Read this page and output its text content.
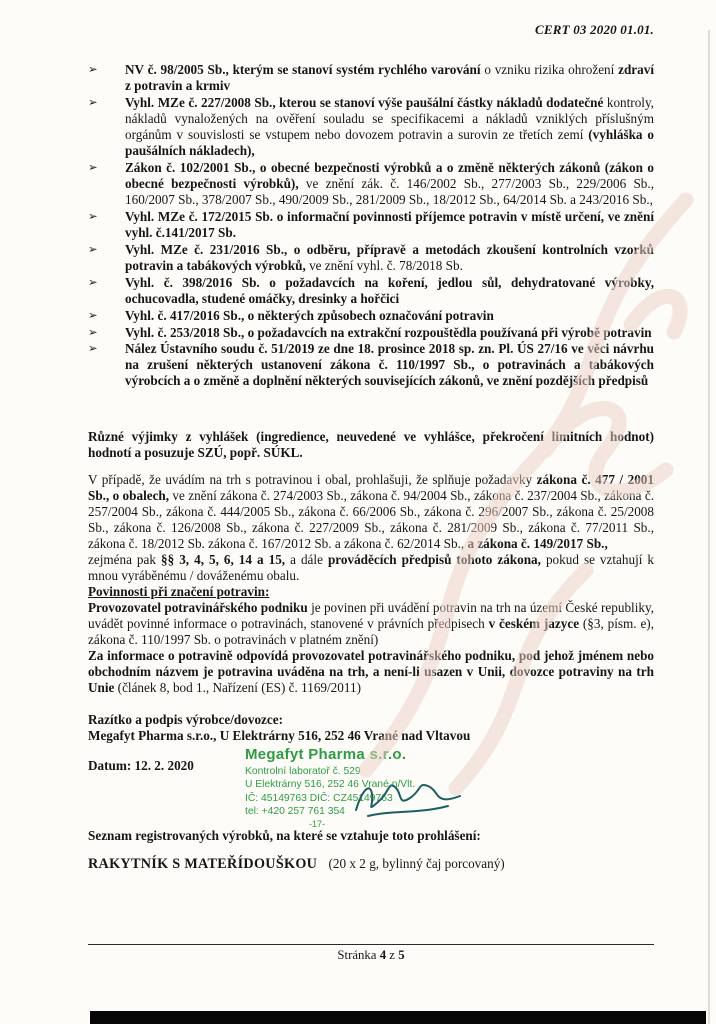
CERT 03 2020 01.01.
➢	NV č. 98/2005 Sb., kterým se stanoví systém rychlého varování o vzniku rizika ohrožení zdraví z potravin a krmiv
➢	Vyhl. MZe č. 227/2008 Sb., kterou se stanoví výše paušální částky nákladů dodatečné kontroly, nákladů vynaložených na ověření souladu se specifikacemi a nákladů vzniklých příslušným orgánům v souvislosti se vstupem nebo dovozem potravin a surovin ze třetích zemí (vyhláška o paušálních nákladech),
➢	Zákon č. 102/2001 Sb., o obecné bezpečnosti výrobků a o změně některých zákonů (zákon o obecné bezpečnosti výrobků), ve znění zák. č. 146/2002 Sb., 277/2003 Sb., 229/2006 Sb., 160/2007 Sb., 378/2007 Sb., 490/2009 Sb., 281/2009 Sb., 18/2012 Sb., 64/2014 Sb. a 243/2016 Sb.,
➢	Vyhl. MZe č. 172/2015 Sb. o informační povinnosti příjemce potravin v místě určení, ve znění vyhl. č.141/2017 Sb.
➢	Vyhl. MZe č. 231/2016 Sb., o odběru, přípravě a metodách zkoušení kontrolních vzorků potravin a tabákových výrobků, ve znění vyhl. č. 78/2018 Sb.
➢	Vyhl. č. 398/2016 Sb. o požadavcích na koření, jedlou sůl, dehydratované výrobky, ochucovadla, studené omáčky, dresinky a hořčici
➢	Vyhl. č. 417/2016 Sb., o některých způsobech označování potravin
➢	Vyhl. č. 253/2018 Sb., o požadavcích na extrakční rozpouštědla používaná při výrobě potravin
➢	Nález Ústavního soudu č. 51/2019 ze dne 18. prosince 2018 sp. zn. Pl. ÚS 27/16 ve věci návrhu na zrušení některých ustanovení zákona č. 110/1997 Sb., o potravinách a tabákových výrobcích a o změně a doplnění některých souvisejících zákonů, ve znění pozdějších předpisů

Různé výjimky z vyhlášek (ingredience, neuvedené ve vyhlášce, překročení limitních hodnot) hodnotí a posuzuje SZÚ, popř. SÚKL.

V případě, že uvádím na trh s potravinou i obal, prohlašuji, že splňuje požadavky zákona č. 477 / 2001 Sb., o obalech, ve znění zákona č. 274/2003 Sb., zákona č. 94/2004 Sb., zákona č. 237/2004 Sb., zákona č. 257/2004 Sb., zákona č. 444/2005 Sb., zákona č. 66/2006 Sb., zákona č. 296/2007 Sb., zákona č. 25/2008 Sb., zákona č. 126/2008 Sb., zákona č. 227/2009 Sb., zákona č. 281/2009 Sb., zákona č. 77/2011 Sb., zákona č. 18/2012 Sb. zákona č. 167/2012 Sb. a zákona č. 62/2014 Sb., a zákona č. 149/2017 Sb.,

zejména pak §§ 3, 4, 5, 6, 14 a 15, a dále prováděcích předpisů tohoto zákona, pokud se vztahují k mnou vyráběnému / dováženému obalu.

Povinnosti při značení potravin:

Provozovatel potravinářského podniku je povinen při uvádění potravin na trh na území České republiky, uvádět povinné informace o potravinách, stanovené v právních předpisech v českém jazyce (§3, písm. e), zákona č. 110/1997 Sb. o potravinách v platném znění)

Za informace o potravině odpovídá provozovatel potravinářského podniku, pod jehož jménem nebo obchodním názvem je potravina uváděna na trh, a není-li usazen v Unii, dovozce potraviny na trh Unie (článek 8, bod 1., Nařízení (ES) č. 1169/2011)

Razítko a podpis výrobce/dovozce:

Megafyt Pharma s.r.o., U Elektrárny 516, 252 46 Vrané nad Vltavou

Datum: 12. 2. 2020
Megafyt Pharma s.r.o.
Kontrolní laboratoř č. 529
U Elektrárny 516, 252 46 Vrané n/Vlt.
IČ: 45149763 DIČ: CZ45149763
tel: +420 257 761 354
-17-

Seznam registrovaných výrobků, na které se vztahuje toto prohlášení:

RAKYTNÍK S MATEŘÍDOUŠKOU (20 x 2 g, bylinný čaj porcovaný)

Stránka 4 z 5
